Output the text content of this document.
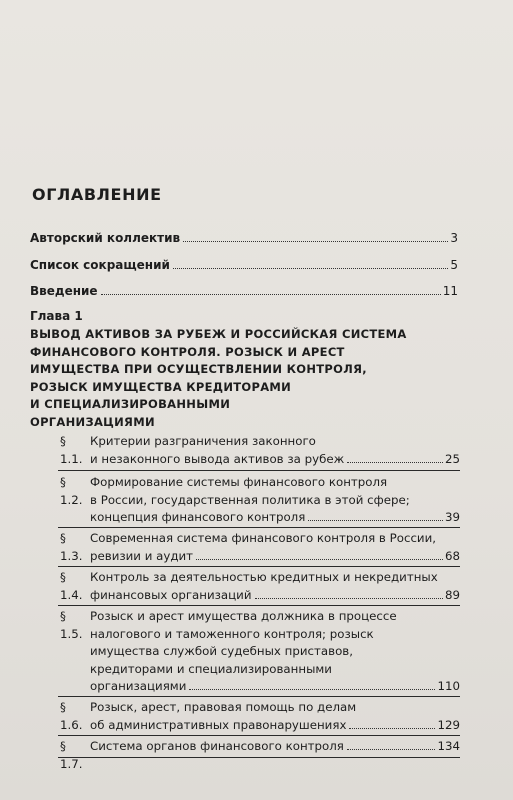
ОГЛАВЛЕНИЕ
Авторский коллектив	3
Список сокращений	5
Введение	11
Глава 1
ВЫВОД АКТИВОВ ЗА РУБЕЖ И РОССИЙСКАЯ СИСТЕМА
ФИНАНСОВОГО КОНТРОЛЯ. РОЗЫСК И АРЕСТ
ИМУЩЕСТВА ПРИ ОСУЩЕСТВЛЕНИИ КОНТРОЛЯ,
РОЗЫСК ИМУЩЕСТВА КРЕДИТОРАМИ
И СПЕЦИАЛИЗИРОВАННЫМИ
ОРГАНИЗАЦИЯМИ
§ 1.1.
Критерии разграничения законного
и незаконного вывода активов за рубеж	25
§ 1.2.
Формирование системы финансового контроля
в России, государственная политика в этой сфере;
концепция финансового контроля	39
§ 1.3.
Современная система финансового контроля в России,
ревизии и аудит	68
§ 1.4.
Контроль за деятельностью кредитных и некредитных
финансовых организаций	89
§ 1.5.
Розыск и арест имущества должника в процессе
налогового и таможенного контроля; розыск
имущества службой судебных приставов,
кредиторами и специализированными
организациями	110
§ 1.6.
Розыск, арест, правовая помощь по делам
об административных правонарушениях	129
§ 1.7.
Система органов финансового контроля	134
